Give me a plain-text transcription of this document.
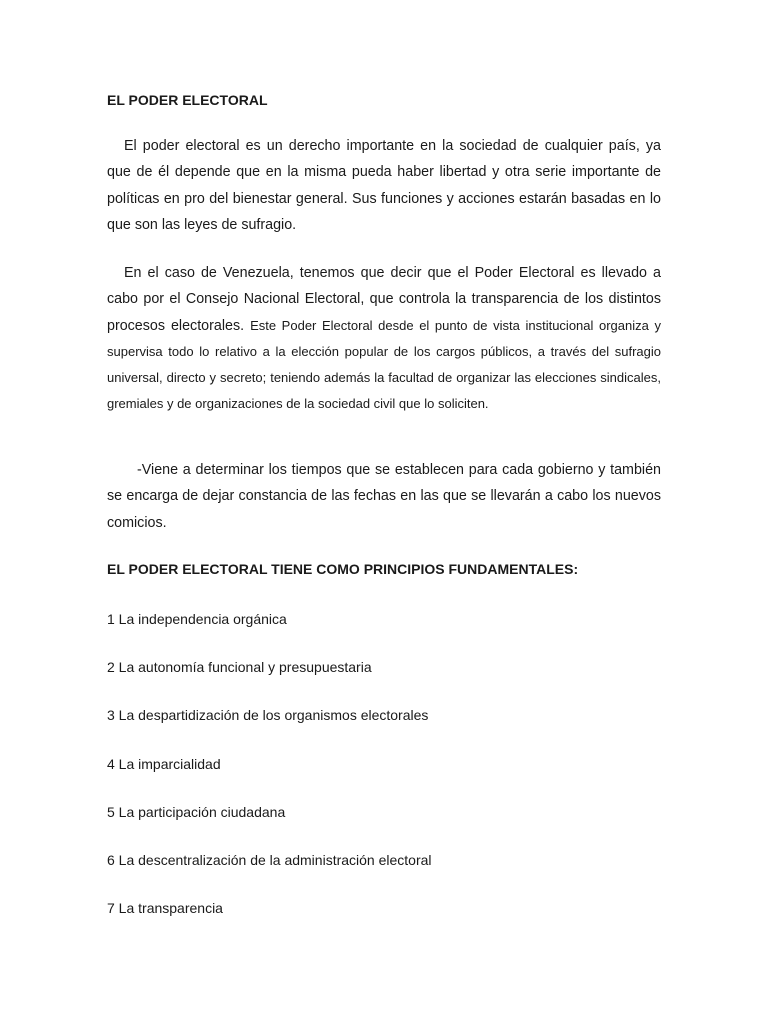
EL PODER ELECTORAL

El poder electoral es un derecho importante en la sociedad de cualquier país, ya que de él depende que en la misma pueda haber libertad y otra serie importante de políticas en pro del bienestar general. Sus funciones y acciones estarán basadas en lo que son las leyes de sufragio.

En el caso de Venezuela, tenemos que decir que el Poder Electoral es llevado a cabo por el Consejo Nacional Electoral, que controla la transparencia de los distintos procesos electorales. Este Poder Electoral desde el punto de vista institucional organiza y supervisa todo lo relativo a la elección popular de los cargos públicos, a través del sufragio universal, directo y secreto; teniendo además la facultad de organizar las elecciones sindicales, gremiales y de organizaciones de la sociedad civil que lo soliciten.

-Viene a determinar los tiempos que se establecen para cada gobierno y también se encarga de dejar constancia de las fechas en las que se llevarán a cabo los nuevos comicios.

EL PODER ELECTORAL TIENE COMO PRINCIPIOS FUNDAMENTALES:
1 La independencia orgánica
2 La autonomía funcional y presupuestaria
3 La despartidización de los organismos electorales
4 La imparcialidad
5 La participación ciudadana
6 La descentralización de la administración electoral
7 La transparencia
